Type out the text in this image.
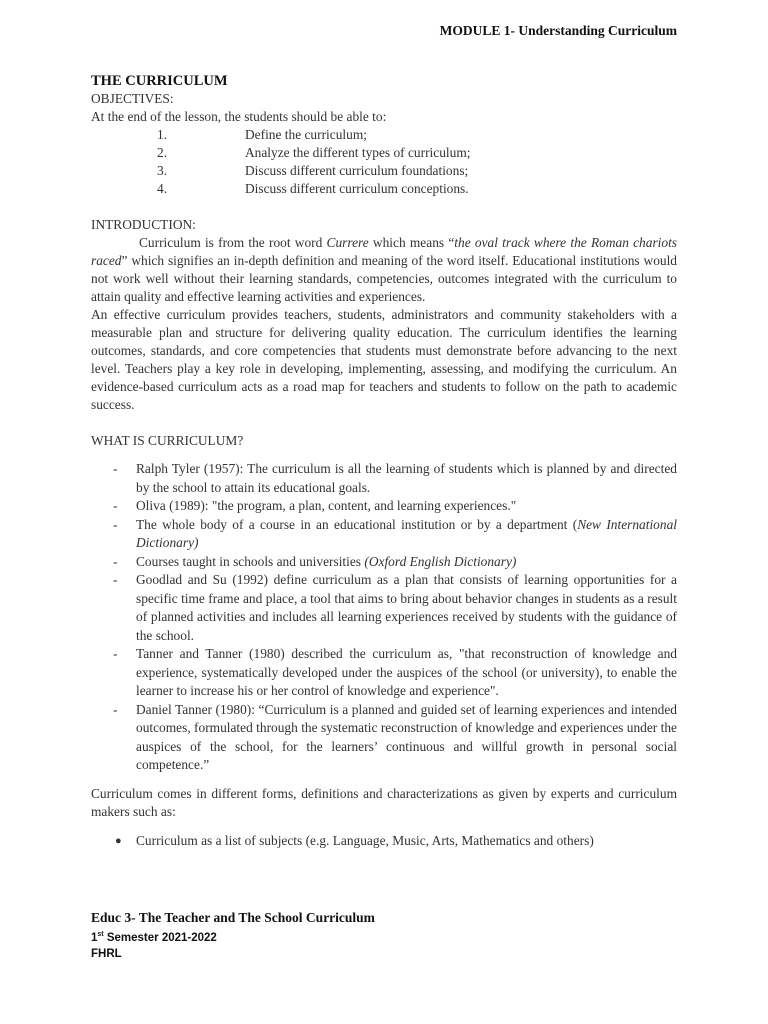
MODULE 1- Understanding Curriculum
THE CURRICULUM
OBJECTIVES:
At the end of the lesson, the students should be able to:
1.	Define the curriculum;
2.	Analyze the different types of curriculum;
3.	Discuss different curriculum foundations;
4.	Discuss different curriculum conceptions.
INTRODUCTION:

Curriculum is from the root word Currere which means “the oval track where the Roman chariots raced” which signifies an in-depth definition and meaning of the word itself. Educational institutions would not work well without their learning standards, competencies, outcomes integrated with the curriculum to attain quality and effective learning activities and experiences.

An effective curriculum provides teachers, students, administrators and community stakeholders with a measurable plan and structure for delivering quality education. The curriculum identifies the learning outcomes, standards, and core competencies that students must demonstrate before advancing to the next level. Teachers play a key role in developing, implementing, assessing, and modifying the curriculum. An evidence-based curriculum acts as a road map for teachers and students to follow on the path to academic success.

WHAT IS CURRICULUM?
- Ralph Tyler (1957): The curriculum is all the learning of students which is planned by and directed by the school to attain its educational goals.
- Oliva (1989): "the program, a plan, content, and learning experiences."
- The whole body of a course in an educational institution or by a department (New International Dictionary)
- Courses taught in schools and universities (Oxford English Dictionary)
- Goodlad and Su (1992) define curriculum as a plan that consists of learning opportunities for a specific time frame and place, a tool that aims to bring about behavior changes in students as a result of planned activities and includes all learning experiences received by students with the guidance of the school.
- Tanner and Tanner (1980) described the curriculum as, "that reconstruction of knowledge and experience, systematically developed under the auspices of the school (or university), to enable the learner to increase his or her control of knowledge and experience".
- Daniel Tanner (1980): “Curriculum is a planned and guided set of learning experiences and intended outcomes, formulated through the systematic reconstruction of knowledge and experiences under the auspices of the school, for the learners’ continuous and willful growth in personal social competence.”

Curriculum comes in different forms, definitions and characterizations as given by experts and curriculum makers such as:

● Curriculum as a list of subjects (e.g. Language, Music, Arts, Mathematics and others)
Educ 3- The Teacher and The School Curriculum
1st Semester 2021-2022
FHRL
